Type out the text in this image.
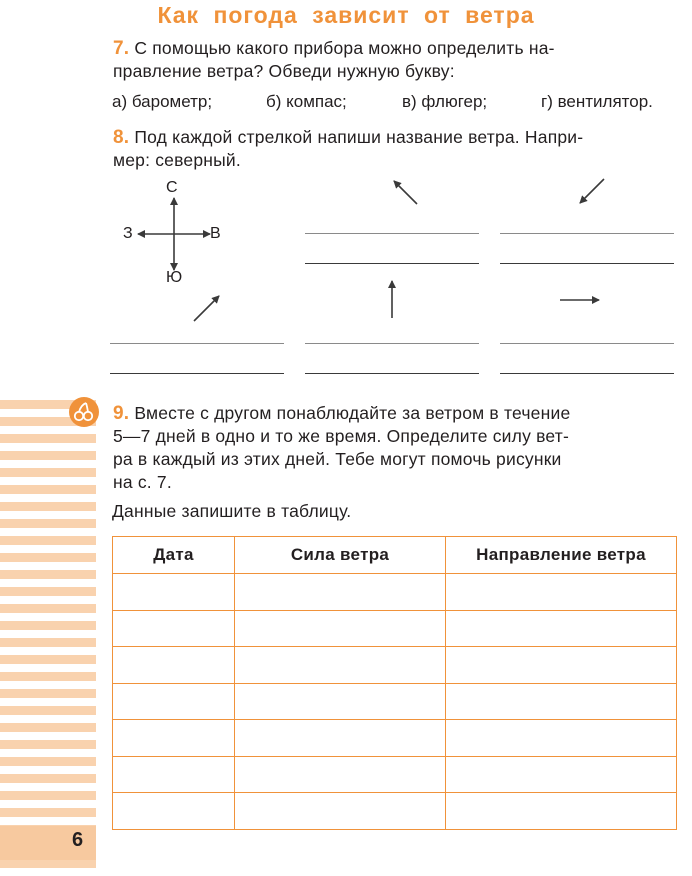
Как погода зависит от ветра
7. С помощью какого прибора можно определить на-
правление ветра? Обведи нужную букву:
а) барометр;	б) компас;	в) флюгер;	г) вентилятор.
8. Под каждой стрелкой напиши название ветра. Напри-
мер: северный.
С
Ю
З	В
6
9. Вместе с другом понаблюдайте за ветром в течение
5—7 дней в одно и то же время. Определите силу вет-
ра в каждый из этих дней. Тебе могут помочь рисунки
на с. 7.
Данные запишите в таблицу.
Дата	Сила ветра	Направление ветра
